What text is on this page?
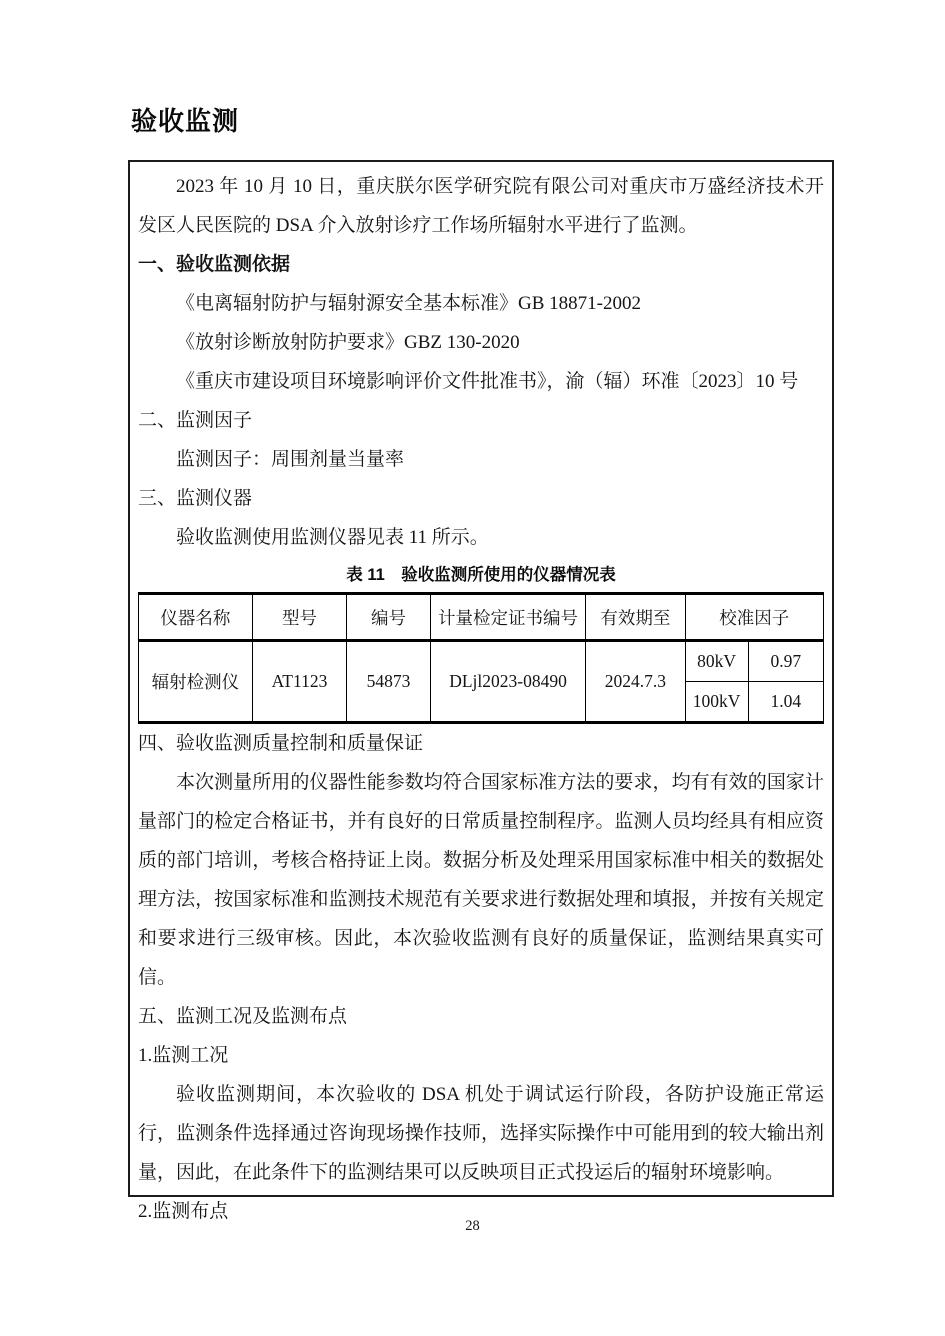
验收监测

2023 年 10 月 10 日，重庆朕尔医学研究院有限公司对重庆市万盛经济技术开发区人民医院的 DSA 介入放射诊疗工作场所辐射水平进行了监测。

一、验收监测依据

《电离辐射防护与辐射源安全基本标准》GB 18871-2002

《放射诊断放射防护要求》GBZ 130-2020

《重庆市建设项目环境影响评价文件批准书》，渝（辐）环准〔2023〕10 号

二、监测因子

监测因子：周围剂量当量率

三、监测仪器

验收监测使用监测仪器见表 11 所示。

表 11　验收监测所使用的仪器情况表
仪器名称	型号	编号	计量检定证书编号	有效期至	校准因子	
辐射检测仪	AT1123	54873	DLjl2023-08490	2024.7.3	80kV	0.97
					100kV	1.04

四、验收监测质量控制和质量保证

本次测量所用的仪器性能参数均符合国家标准方法的要求，均有有效的国家计量部门的检定合格证书，并有良好的日常质量控制程序。监测人员均经具有相应资质的部门培训，考核合格持证上岗。数据分析及处理采用国家标准中相关的数据处理方法，按国家标准和监测技术规范有关要求进行数据处理和填报，并按有关规定和要求进行三级审核。因此，本次验收监测有良好的质量保证，监测结果真实可信。

五、监测工况及监测布点

1.监测工况

验收监测期间，本次验收的 DSA 机处于调试运行阶段，各防护设施正常运行，监测条件选择通过咨询现场操作技师，选择实际操作中可能用到的较大输出剂量，因此，在此条件下的监测结果可以反映项目正式投运后的辐射环境影响。

2.监测布点

28
